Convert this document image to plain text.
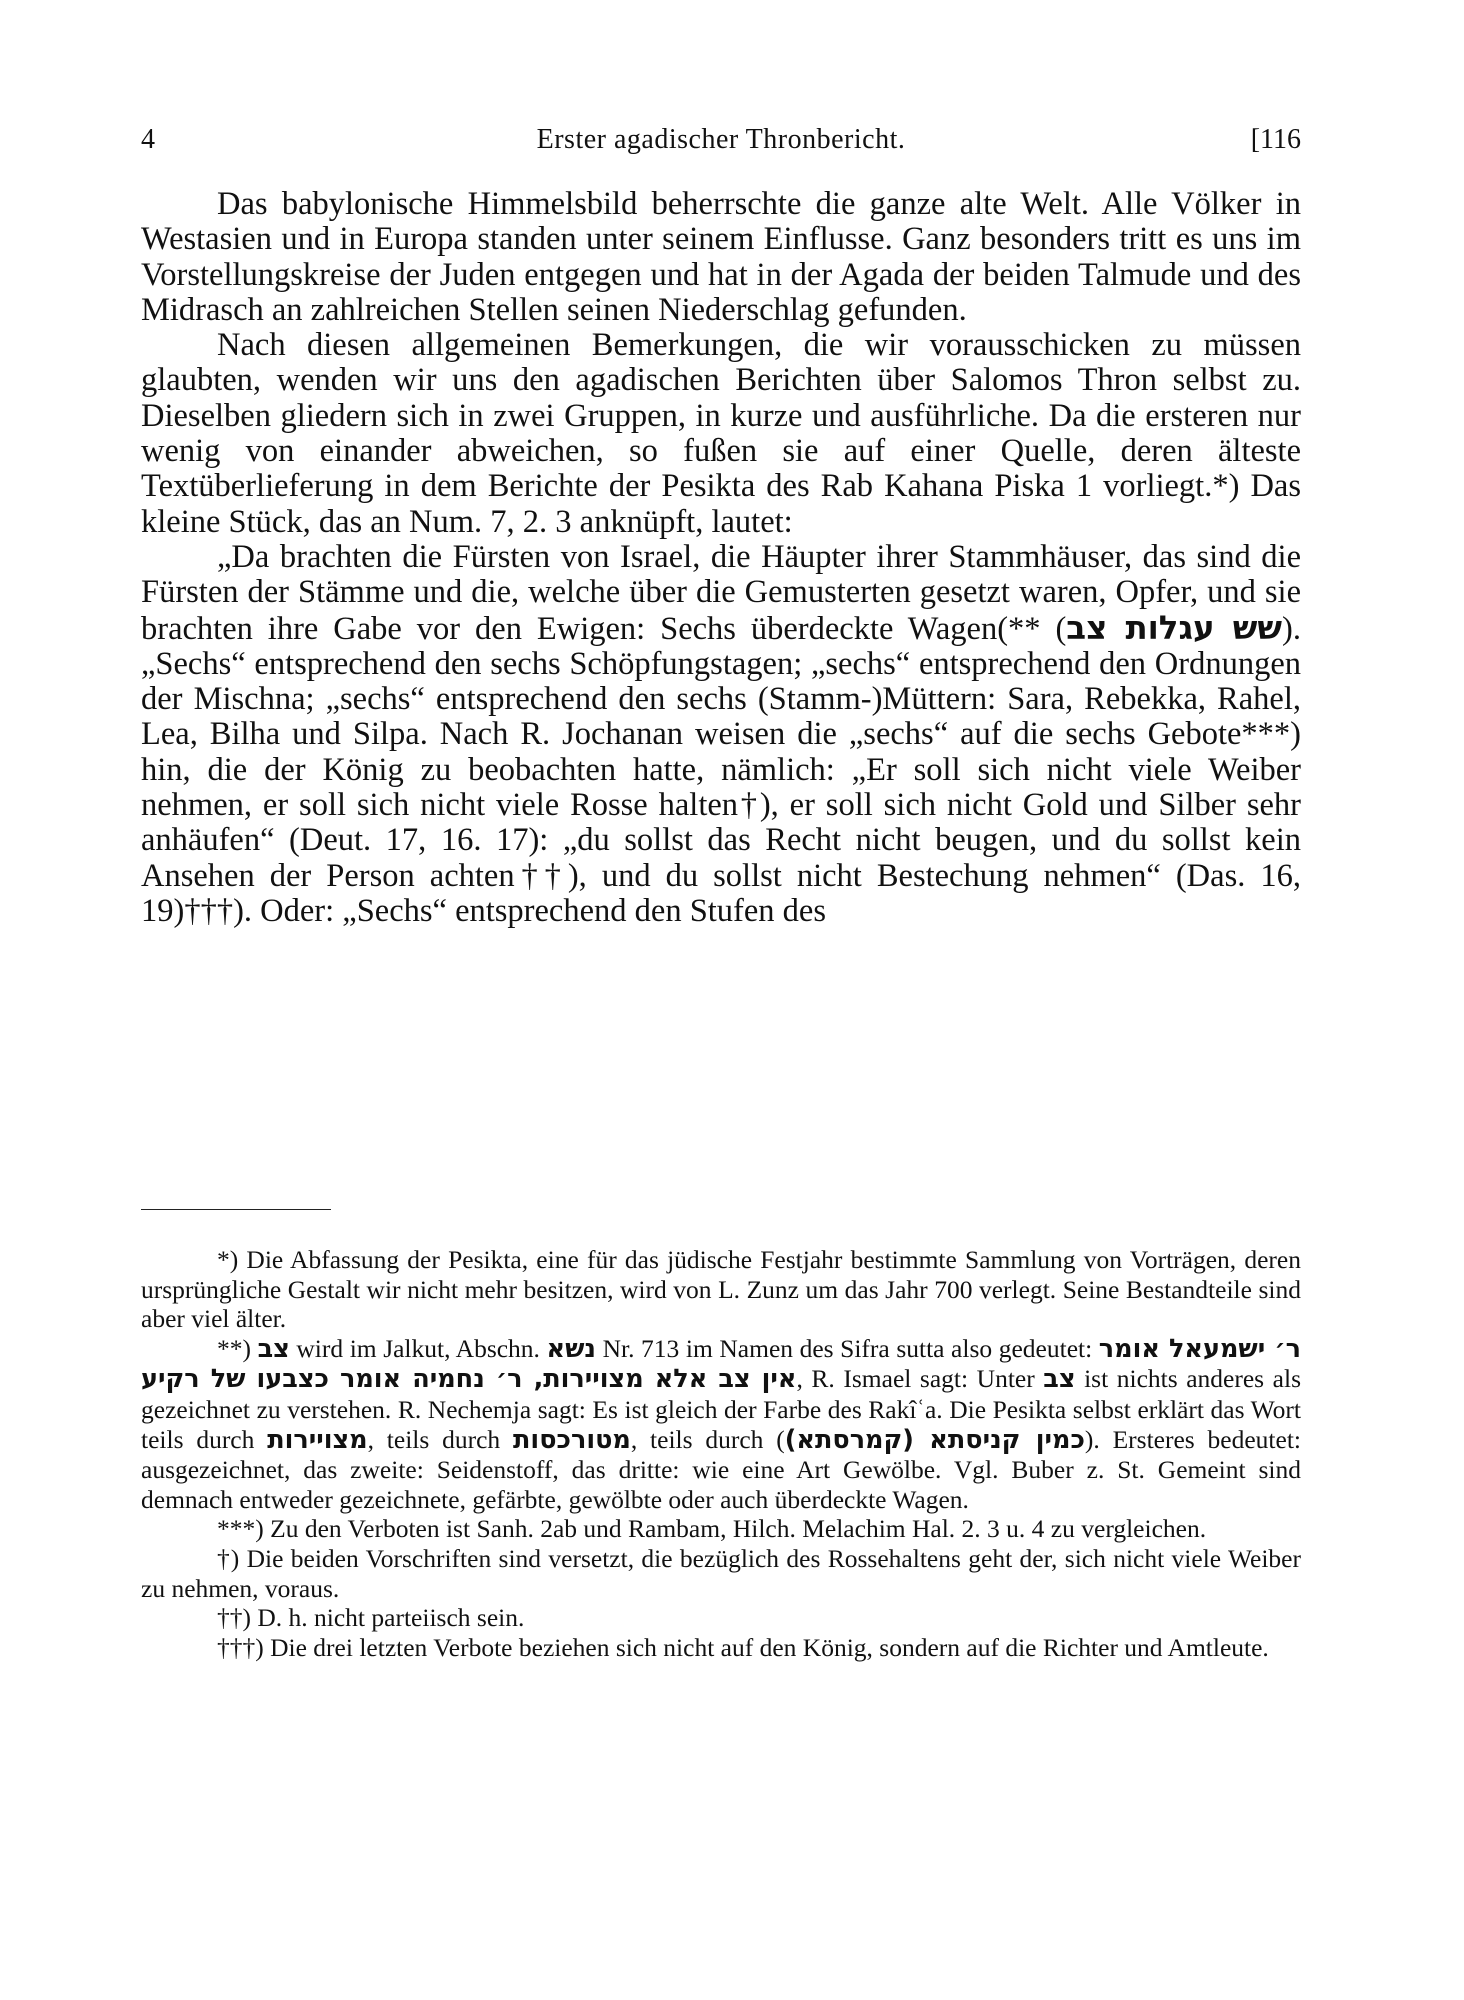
4	Erster agadischer Thronbericht.	[116

Das babylonische Himmelsbild beherrschte die ganze alte Welt. Alle Völker in Westasien und in Europa standen unter seinem Einflusse. Ganz besonders tritt es uns im Vorstellungskreise der Juden entgegen und hat in der Agada der beiden Talmude und des Midrasch an zahlreichen Stellen seinen Niederschlag gefunden.

Nach diesen allgemeinen Bemerkungen, die wir vorausschicken zu müssen glaubten, wenden wir uns den agadischen Berichten über Salomos Thron selbst zu. Dieselben gliedern sich in zwei Gruppen, in kurze und ausführliche. Da die ersteren nur wenig von einander abweichen, so fußen sie auf einer Quelle, deren älteste Textüberlieferung in dem Berichte der Pesikta des Rab Kahana Piska 1 vorliegt.*) Das kleine Stück, das an Num. 7, 2. 3 anknüpft, lautet:

„Da brachten die Fürsten von Israel, die Häupter ihrer Stammhäuser, das sind die Fürsten der Stämme und die, welche über die Gemusterten gesetzt waren, Opfer, und sie brachten ihre Gabe vor den Ewigen: Sechs überdeckte Wagen(** (שש עגלות צב). „Sechs“ entsprechend den sechs Schöpfungstagen; „sechs“ entsprechend den Ordnungen der Mischna; „sechs“ entsprechend den sechs (Stamm-)Müttern: Sara, Rebekka, Rahel, Lea, Bilha und Silpa. Nach R. Jochanan weisen die „sechs“ auf die sechs Gebote***) hin, die der König zu beobachten hatte, nämlich: „Er soll sich nicht viele Weiber nehmen, er soll sich nicht viele Rosse halten†), er soll sich nicht Gold und Silber sehr anhäufen“ (Deut. 17, 16. 17): „du sollst das Recht nicht beugen, und du sollst kein Ansehen der Person achten††), und du sollst nicht Bestechung nehmen“ (Das. 16, 19)†††). Oder: „Sechs“ entsprechend den Stufen des

*) Die Abfassung der Pesikta, eine für das jüdische Festjahr bestimmte Sammlung von Vorträgen, deren ursprüngliche Gestalt wir nicht mehr besitzen, wird von L. Zunz um das Jahr 700 verlegt. Seine Bestandteile sind aber viel älter.

**) צב wird im Jalkut, Abschn. נשא Nr. 713 im Namen des Sifra sutta also gedeutet: ר׳ ישמעאל אומר אין צב אלא מצויירות, ר׳ נחמיה אומר כצבעו של רקיע, R. Ismael sagt: Unter צב ist nichts anderes als gezeichnet zu verstehen. R. Nechemja sagt: Es ist gleich der Farbe des Rakîʿa. Die Pesikta selbst erklärt das Wort teils durch מצויירות, teils durch מטורכסות, teils durch (כמין קניסתא (קמרסתא)). Ersteres bedeutet: ausgezeichnet, das zweite: Seidenstoff, das dritte: wie eine Art Gewölbe. Vgl. Buber z. St. Gemeint sind demnach entweder gezeichnete, gefärbte, gewölbte oder auch überdeckte Wagen.

***) Zu den Verboten ist Sanh. 2ab und Rambam, Hilch. Melachim Hal. 2. 3 u. 4 zu vergleichen.

†) Die beiden Vorschriften sind versetzt, die bezüglich des Rossehaltens geht der, sich nicht viele Weiber zu nehmen, voraus.

††) D. h. nicht parteiisch sein.

†††) Die drei letzten Verbote beziehen sich nicht auf den König, sondern auf die Richter und Amtleute.
